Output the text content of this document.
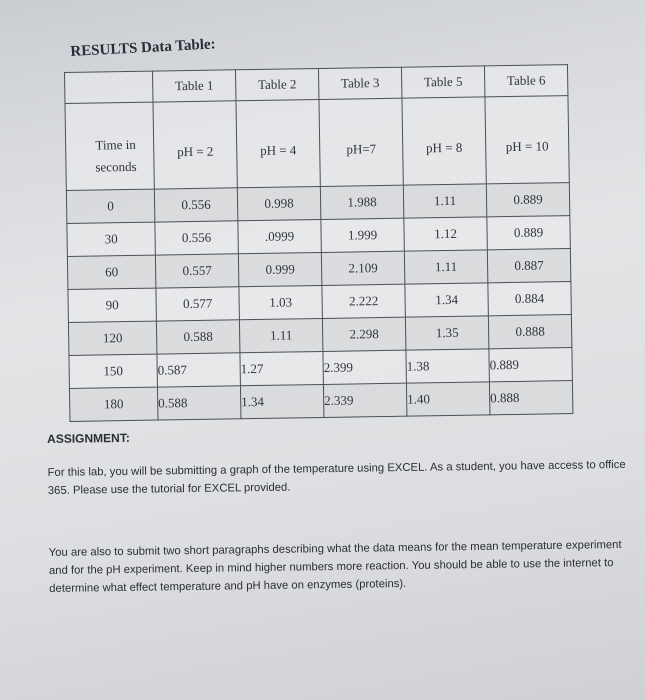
RESULTS Data Table:
	Table 1	Table 2	Table 3	Table 5	Table 6
Time in
seconds	pH = 2	pH = 4	pH=7	pH = 8	pH = 10

0	0.556	0.998	1.988	1.11	0.889
30	0.556	.0999	1.999	1.12	0.889
60	0.557	0.999	2.109	1.11	0.887
90	0.577	1.03	2.222	1.34	0.884
120	0.588	1.11	2.298	1.35	0.888
150	0.587	1.27	2.399	1.38	0.889
180	0.588	1.34	2.339	1.40	0.888
ASSIGNMENT:

For this lab, you will be submitting a graph of the temperature using EXCEL. As a student, you have access to office 365. Please use the tutorial for EXCEL provided.

You are also to submit two short paragraphs describing what the data means for the mean temperature experiment and for the pH experiment. Keep in mind higher numbers more reaction. You should be able to use the internet to determine what effect temperature and pH have on enzymes (proteins).
